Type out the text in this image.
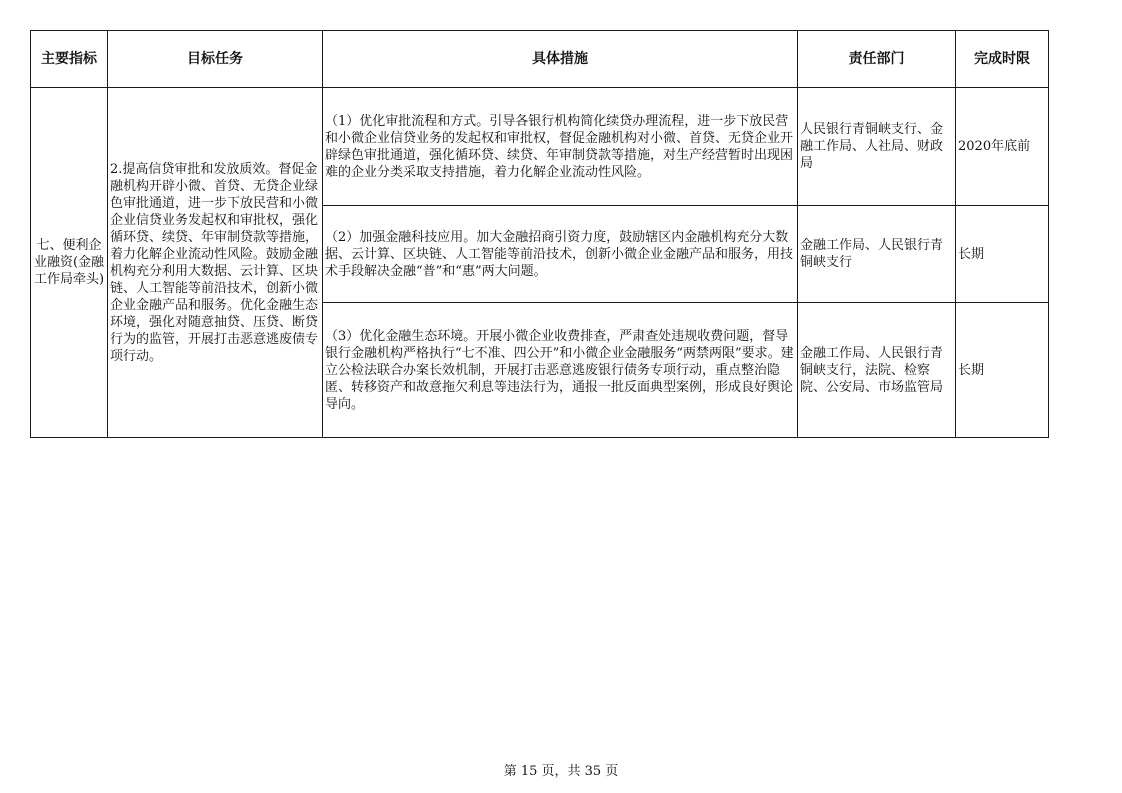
主要指标	目标任务	具体措施	责任部门	完成时限
七、便利企业融资(金融工作局牵头)	2.提高信贷审批和发放质效。督促金融机构开辟小微、首贷、无贷企业绿色审批通道，进一步下放民营和小微企业信贷业务发起权和审批权，强化循环贷、续贷、年审制贷款等措施，着力化解企业流动性风险。鼓励金融机构充分利用大数据、云计算、区块链、人工智能等前沿技术，创新小微企业金融产品和服务。优化金融生态环境，强化对随意抽贷、压贷、断贷行为的监管，开展打击恶意逃废债专项行动。	（1）优化审批流程和方式。引导各银行机构简化续贷办理流程，进一步下放民营和小微企业信贷业务的发起权和审批权，督促金融机构对小微、首贷、无贷企业开辟绿色审批通道，强化循环贷、续贷、年审制贷款等措施，对生产经营暂时出现困难的企业分类采取支持措施，着力化解企业流动性风险。	人民银行青铜峡支行、金融工作局、人社局、财政局	2020年底前
		（2）加强金融科技应用。加大金融招商引资力度，鼓励辖区内金融机构充分大数据、云计算、区块链、人工智能等前沿技术，创新小微企业金融产品和服务，用技术手段解决金融“普”和“惠”两大问题。	金融工作局、人民银行青铜峡支行	长期
		（3）优化金融生态环境。开展小微企业收费排查，严肃查处违规收费问题，督导银行金融机构严格执行“七不准、四公开”和小微企业金融服务“两禁两限”要求。建立公检法联合办案长效机制，开展打击恶意逃废银行债务专项行动，重点整治隐匿、转移资产和故意拖欠利息等违法行为，通报一批反面典型案例，形成良好舆论导向。	金融工作局、人民银行青铜峡支行，法院、检察院、公安局、市场监管局	长期
第 15 页，共 35 页
